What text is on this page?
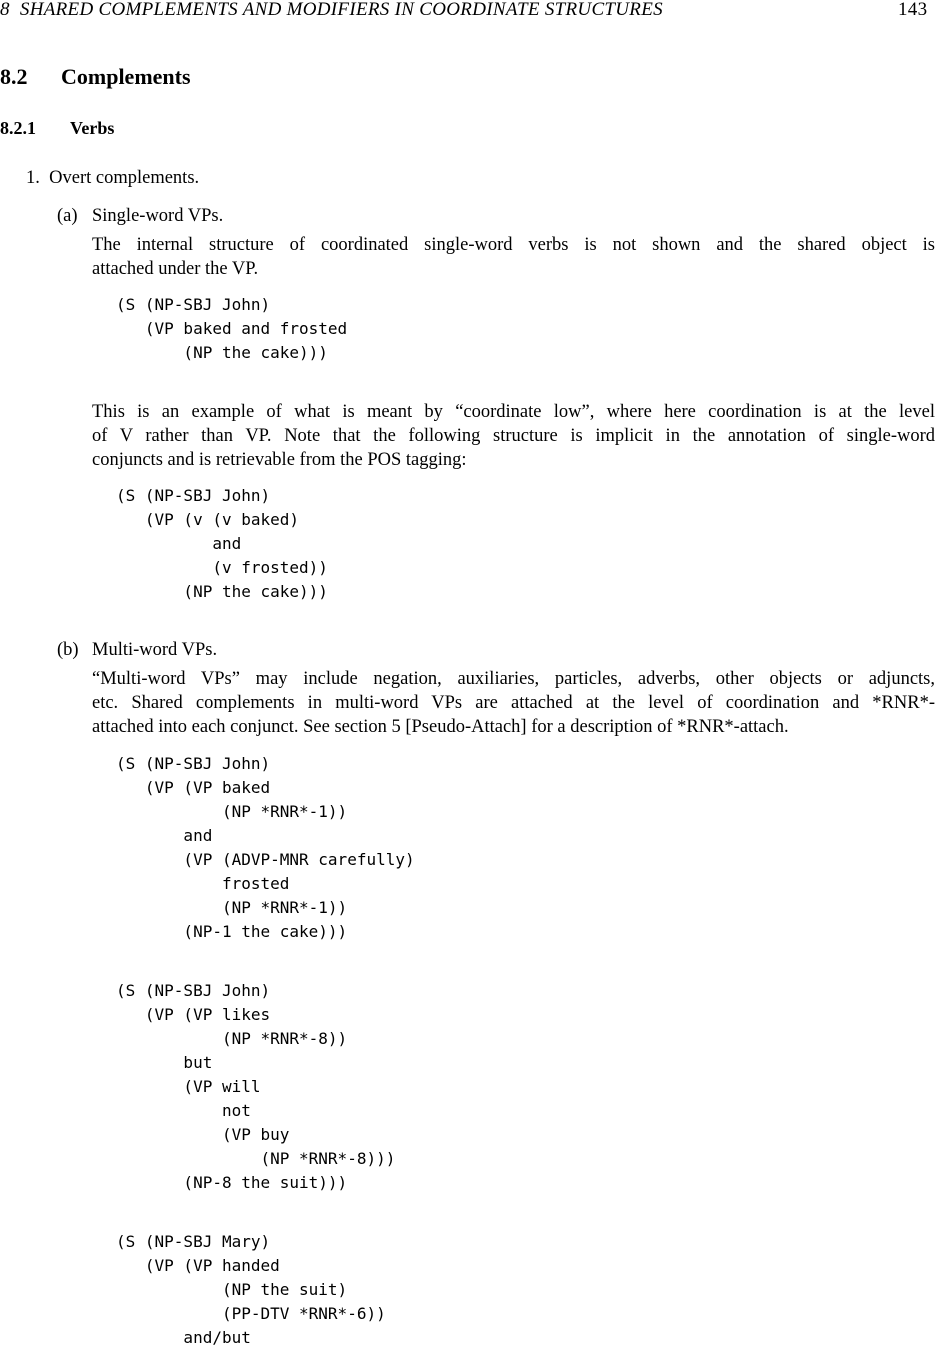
8  SHARED COMPLEMENTS AND MODIFIERS IN COORDINATE STRUCTURES	143
8.2 Complements
8.2.1 Verbs
1.  Overt complements.
(a) Single-word VPs.
The internal structure of coordinated single-word verbs is not shown and the shared object is
attached under the VP.
(S (NP-SBJ John)
(VP baked and frosted
(NP the cake)))
This is an example of what is meant by “coordinate low”, where here coordination is at the level
of V rather than VP. Note that the following structure is implicit in the annotation of single-word
conjuncts and is retrievable from the POS tagging:
(S (NP-SBJ John)
(VP (v (v baked)
and
(v frosted))
(NP the cake)))
(b) Multi-word VPs.
“Multi-word VPs” may include negation, auxiliaries, particles, adverbs, other objects or adjuncts,
etc. Shared complements in multi-word VPs are attached at the level of coordination and *RNR*-
attached into each conjunct. See section 5 [Pseudo-Attach] for a description of *RNR*-attach.
(S (NP-SBJ John)
(VP (VP baked
(NP *RNR*-1))
and
(VP (ADVP-MNR carefully)
frosted
(NP *RNR*-1))
(NP-1 the cake)))
(S (NP-SBJ John)
(VP (VP likes
(NP *RNR*-8))
but
(VP will
not
(VP buy
(NP *RNR*-8)))
(NP-8 the suit)))
(S (NP-SBJ Mary)
(VP (VP handed
(NP the suit)
(PP-DTV *RNR*-6))
and/but
